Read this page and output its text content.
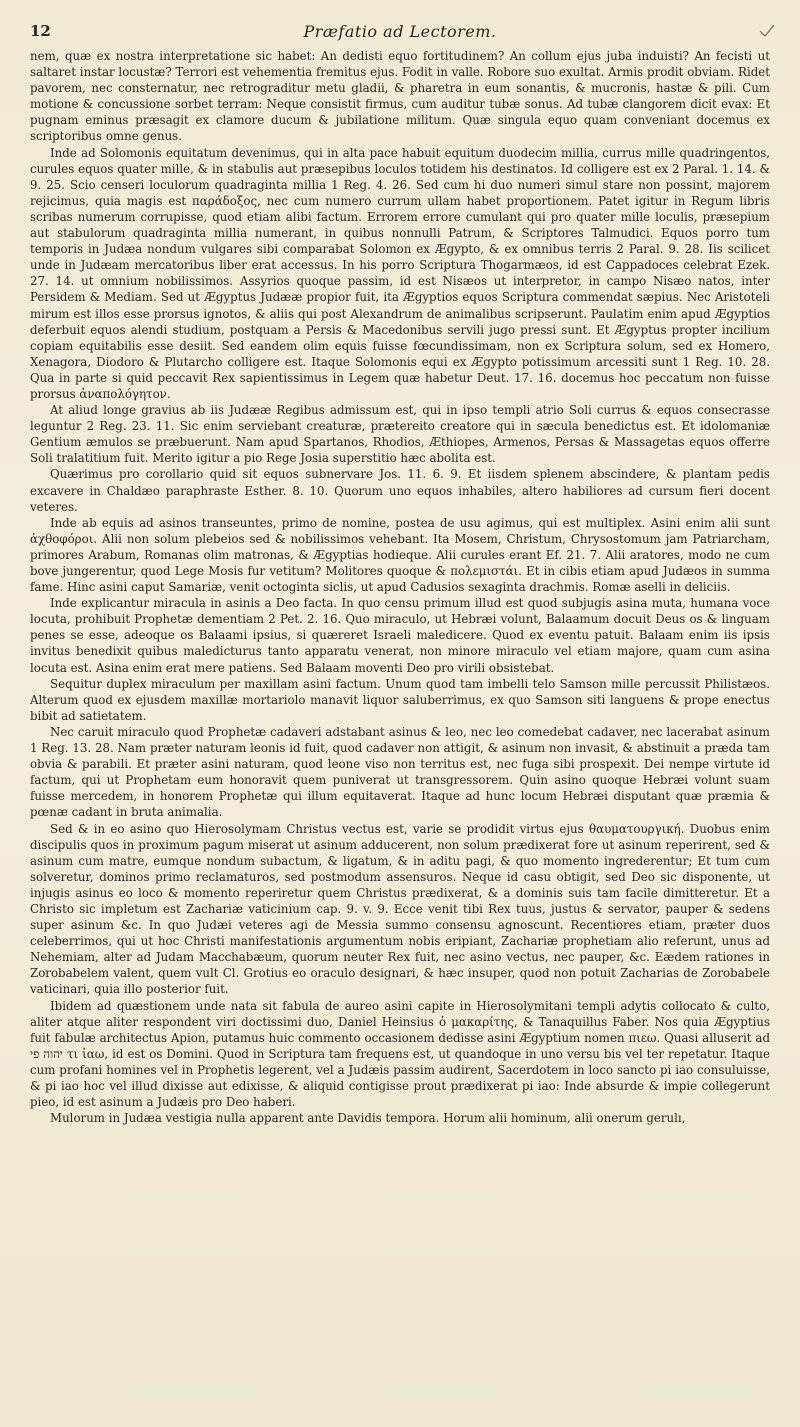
12	Præfatio ad Lectorem.

nem, quæ ex nostra interpretatione sic habet: An dedisti equo fortitudinem? An collum ejus juba induisti? An fecisti ut saltaret instar locustæ? Terrori est vehementia fremitus ejus. Fodit in valle. Robore suo exultat. Armis prodit obviam. Ridet pavorem, nec consternatur, nec retrograditur metu gladii, & pharetra in eum sonantis, & mucronis, hastæ & pili. Cum motione & concussione sorbet terram: Neque consistit firmus, cum auditur tubæ sonus. Ad tubæ clangorem dicit evax: Et pugnam eminus præsagit ex clamore ducum & jubilatione militum. Quæ singula equo quam conveniant docemus ex scriptoribus omne genus.

Inde ad Solomonis equitatum devenimus, qui in alta pace habuit equitum duodecim millia, currus mille quadringentos, curules equos quater mille, & in stabulis aut præsepibus loculos totidem his destinatos. Id colligere est ex 2 Paral. 1. 14. & 9. 25. Scio censeri loculorum quadraginta millia 1 Reg. 4. 26. Sed cum hi duo numeri simul stare non possint, majorem rejicimus, quia magis est παράδοξος, nec cum numero currum ullam habet proportionem. Patet igitur in Regum libris scribas numerum corrupisse, quod etiam alibi factum. Errorem errore cumulant qui pro quater mille loculis, præsepium aut stabulorum quadraginta millia numerant, in quibus nonnulli Patrum, & Scriptores Talmudici. Equos porro tum temporis in Judæa nondum vulgares sibi comparabat Solomon ex Ægypto, & ex omnibus terris 2 Paral. 9. 28. Iis scilicet unde in Judæam mercatoribus liber erat accessus. In his porro Scriptura Thogarmæos, id est Cappadoces celebrat Ezek. 27. 14. ut omnium nobilissimos. Assyrios quoque passim, id est Nisæos ut interpretor, in campo Nisæo natos, inter Persidem & Mediam. Sed ut Ægyptus Judææ propior fuit, ita Ægyptios equos Scriptura commendat sæpius. Nec Aristoteli mirum est illos esse prorsus ignotos, & aliis qui post Alexandrum de animalibus scripserunt. Paulatim enim apud Ægyptios deferbuit equos alendi studium, postquam a Persis & Macedonibus servili jugo pressi sunt. Et Ægyptus propter incilium copiam equitabilis esse desiit. Sed eandem olim equis fuisse fœcundissimam, non ex Scriptura solum, sed ex Homero, Xenagora, Diodoro & Plutarcho colligere est. Itaque Solomonis equi ex Ægypto potissimum arcessiti sunt 1 Reg. 10. 28. Qua in parte si quid peccavit Rex sapientissimus in Legem quæ habetur Deut. 17. 16. docemus hoc peccatum non fuisse prorsus ἀναπολόγητον.

At aliud longe gravius ab iis Judææ Regibus admissum est, qui in ipso templi atrio Soli currus & equos consecrasse leguntur 2 Reg. 23. 11. Sic enim serviebant creaturæ, prætereito creatore qui in sæcula benedictus est. Et idolomaniæ Gentium æmulos se præbuerunt. Nam apud Spartanos, Rhodios, Æthiopes, Armenos, Persas & Massagetas equos offerre Soli tralatitium fuit. Merito igitur a pio Rege Josia superstitio hæc abolita est.

Quærimus pro corollario quid sit equos subnervare Jos. 11. 6. 9. Et iisdem splenem abscindere, & plantam pedis excavere in Chaldæo paraphraste Esther. 8. 10. Quorum uno equos inhabiles, altero habiliores ad cursum fieri docent veteres.

Inde ab equis ad asinos transeuntes, primo de nomine, postea de usu agimus, qui est multiplex. Asini enim alii sunt ἀχθοφόροι. Alii non solum plebeios sed & nobilissimos vehebant. Ita Mosem, Christum, Chrysostomum jam Patriarcham, primores Arabum, Romanas olim matronas, & Ægyptias hodieque. Alii curules erant Ef. 21. 7. Alii aratores, modo ne cum bove jungerentur, quod Lege Mosis fur vetitum? Molitores quoque & πολεμιστάι. Et in cibis etiam apud Judæos in summa fame. Hinc asini caput Samariæ, venit octoginta siclis, ut apud Cadusios sexaginta drachmis. Romæ aselli in deliciis.

Inde explicantur miracula in asinis a Deo facta. In quo censu primum illud est quod subjugis asina muta, humana voce locuta, prohibuit Prophetæ dementiam 2 Pet. 2. 16. Quo miraculo, ut Hebræi volunt, Balaamum docuit Deus os & linguam penes se esse, adeoque os Balaami ipsius, si quæreret Israeli maledicere. Quod ex eventu patuit. Balaam enim iis ipsis invitus benedixit quibus maledicturus tanto apparatu venerat, non minore miraculo vel etiam majore, quam cum asina locuta est. Asina enim erat mere patiens. Sed Balaam moventi Deo pro virili obsistebat.

Sequitur duplex miraculum per maxillam asini factum. Unum quod tam imbelli telo Samson mille percussit Philistæos. Alterum quod ex ejusdem maxillæ mortariolo manavit liquor saluberrimus, ex quo Samson siti languens & prope enectus bibit ad satietatem.

Nec caruit miraculo quod Prophetæ cadaveri adstabant asinus & leo, nec leo comedebat cadaver, nec lacerabat asinum 1 Reg. 13. 28. Nam præter naturam leonis id fuit, quod cadaver non attigit, & asinum non invasit, & abstinuit a præda tam obvia & parabili. Et præter asini naturam, quod leone viso non territus est, nec fuga sibi prospexit. Dei nempe virtute id factum, qui ut Prophetam eum honoravit quem puniverat ut transgressorem. Quin asino quoque Hebræi volunt suam fuisse mercedem, in honorem Prophetæ qui illum equitaverat. Itaque ad hunc locum Hebræi disputant quæ præmia & pœnæ cadant in bruta animalia.

Sed & in eo asino quo Hierosolymam Christus vectus est, varie se prodidit virtus ejus θαυματουργική. Duobus enim discipulis quos in proximum pagum miserat ut asinum adducerent, non solum prædixerat fore ut asinum reperirent, sed & asinum cum matre, eumque nondum subactum, & ligatum, & in aditu pagi, & quo momento ingrederentur; Et tum cum solveretur, dominos primo reclamaturos, sed postmodum assensuros. Neque id casu obtigit, sed Deo sic disponente, ut injugis asinus eo loco & momento reperiretur quem Christus prædixerat, & a dominis suis tam facile dimitteretur. Et a Christo sic impletum est Zachariæ vaticinium cap. 9. v. 9. Ecce venit tibi Rex tuus, justus & servator, pauper & sedens super asinum &c. In quo Judæi veteres agi de Messia summo consensu agnoscunt. Recentiores etiam, præter duos celeberrimos, qui ut hoc Christi manifestationis argumentum nobis eripiant, Zachariæ prophetiam alio referunt, unus ad Nehemiam, alter ad Judam Macchabæum, quorum neuter Rex fuit, nec asino vectus, nec pauper, &c. Eædem rationes in Zorobabelem valent, quem vult Cl. Grotius eo oraculo designari, & hæc insuper, quod non potuit Zacharias de Zorobabele vaticinari, quia illo posterior fuit.

Ibidem ad quæstionem unde nata sit fabula de aureo asini capite in Hierosolymitani templi adytis collocato & culto, aliter atque aliter respondent viri doctissimi duo, Daniel Heinsius ὁ μακαρίτης, & Tanaquillus Faber. Nos quia Ægyptius fuit fabulæ architectus Apion, putamus huic commento occasionem dedisse asini Ægyptium nomen πιεω. Quasi alluserit ad יהוה פי τι ἰαω, id est os Domini. Quod in Scriptura tam frequens est, ut quandoque in uno versu bis vel ter repetatur. Itaque cum profani homines vel in Prophetis legerent, vel a Judæis passim audirent, Sacerdotem in loco sancto pi iao consuluisse, & pi iao hoc vel illud dixisse aut edixisse, & aliquid contigisse prout prædixerat pi iao: Inde absurde & impie collegerunt pieo, id est asinum a Judæis pro Deo haberi.

Mulorum in Judæa vestigia nulla apparent ante Davidis tempora. Horum alii hominum, alii onerum gerulı,
